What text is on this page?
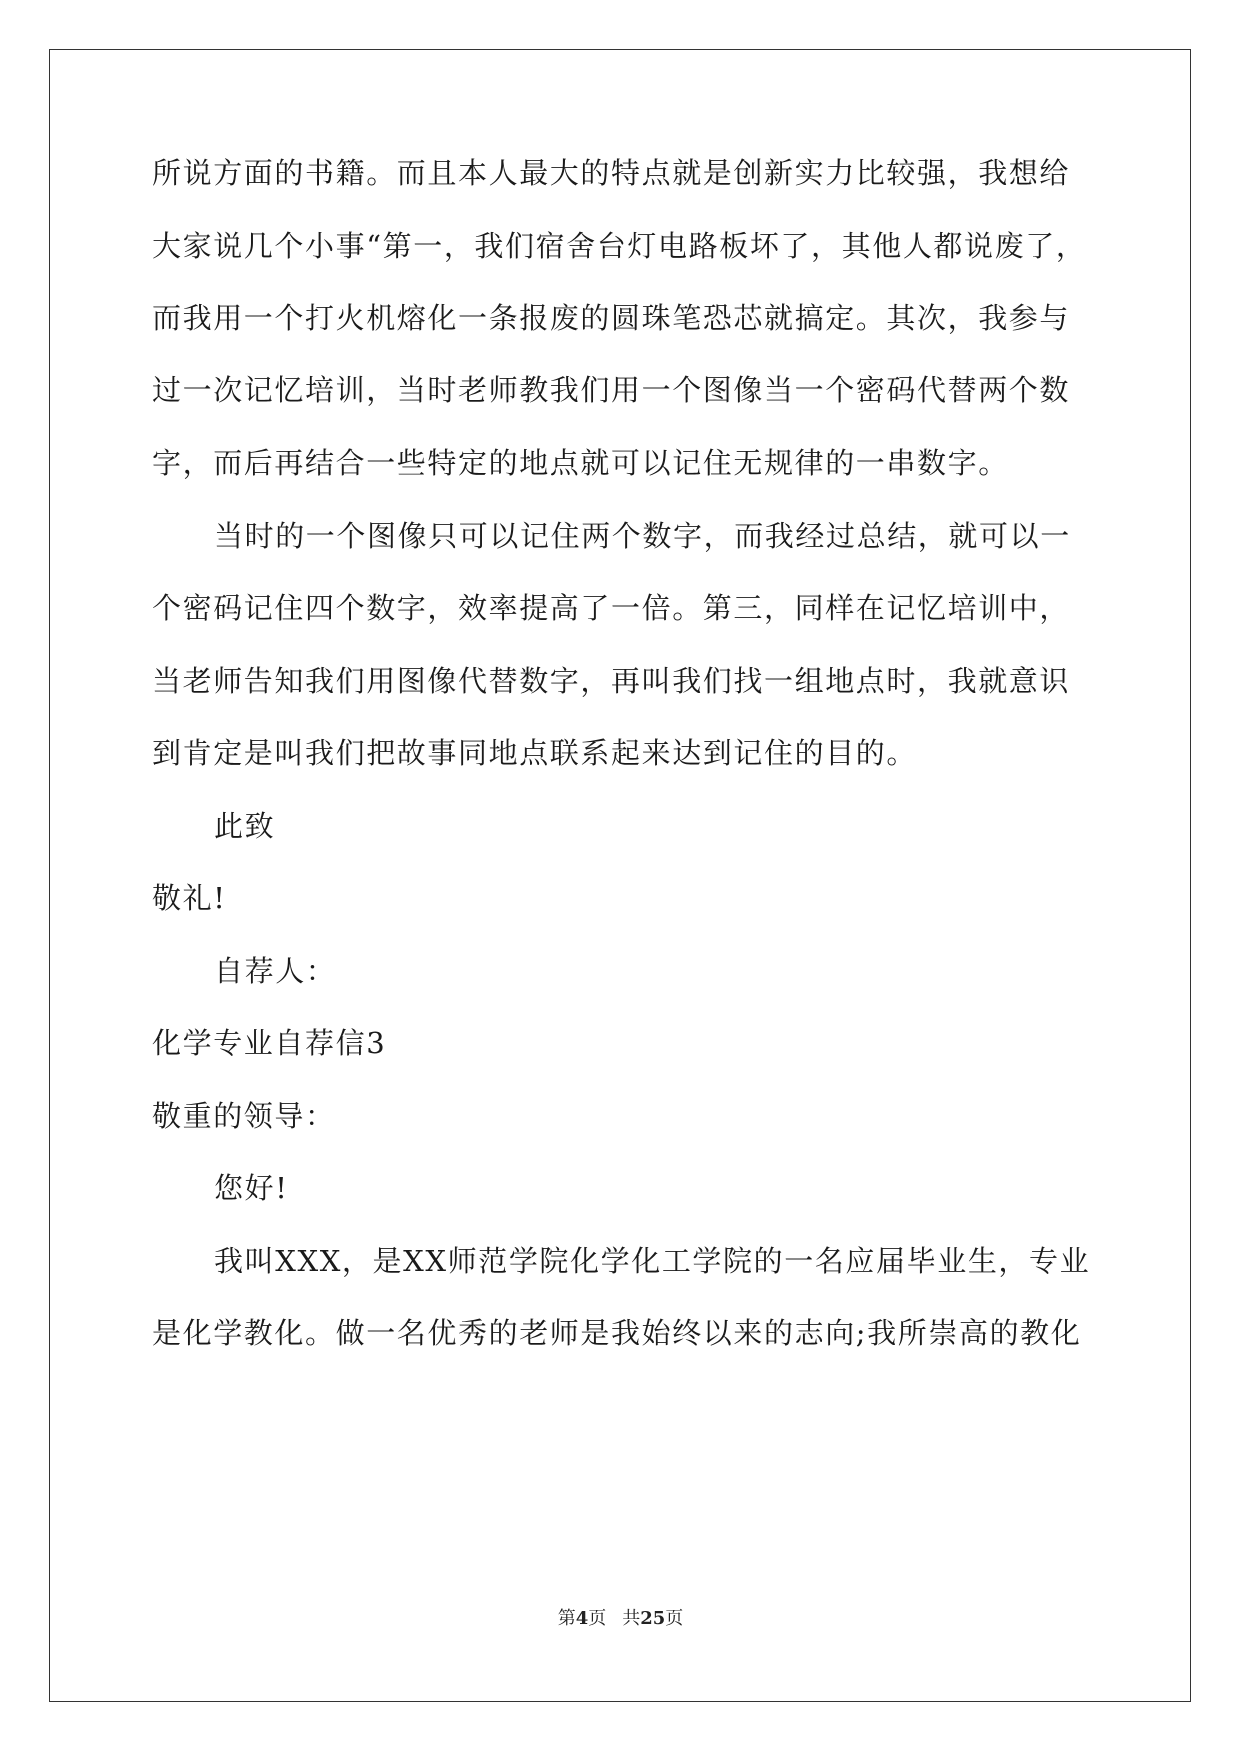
所说方面的书籍。而且本人最大的特点就是创新实力比较强，我想给
大家说几个小事“第一，我们宿舍台灯电路板坏了，其他人都说废了，
而我用一个打火机熔化一条报废的圆珠笔恐芯就搞定。其次，我参与
过一次记忆培训，当时老师教我们用一个图像当一个密码代替两个数
字，而后再结合一些特定的地点就可以记住无规律的一串数字。
当时的一个图像只可以记住两个数字，而我经过总结，就可以一
个密码记住四个数字，效率提高了一倍。第三，同样在记忆培训中，
当老师告知我们用图像代替数字，再叫我们找一组地点时，我就意识
到肯定是叫我们把故事同地点联系起来达到记住的目的。
此致
敬礼!
自荐人：
化学专业自荐信3
敬重的领导：
您好!
我叫XXX，是XX师范学院化学化工学院的一名应届毕业生，专业
是化学教化。做一名优秀的老师是我始终以来的志向;我所崇高的教化
第4页 共25页
